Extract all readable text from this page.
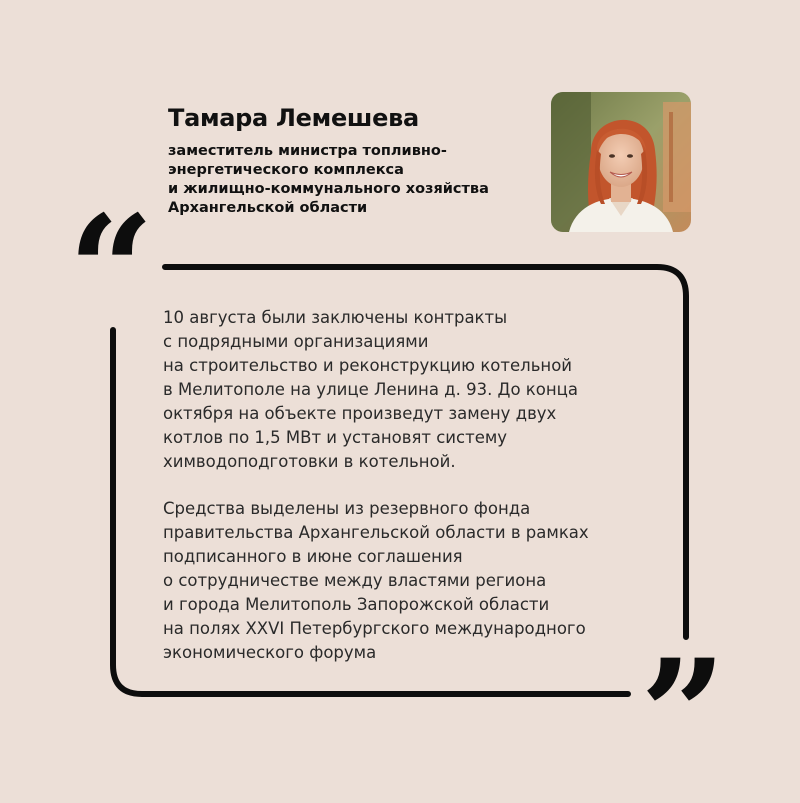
Тамара Лемешева
заместитель министра топливно-
энергетического комплекса
и жилищно-коммунального хозяйства
Архангельской области
“
”

10 августа были заключены контракты
с подрядными организациями
на строительство и реконструкцию котельной
в Мелитополе на улице Ленина д. 93. До конца
октября на объекте произведут замену двух
котлов по 1,5 МВт и установят систему
химводоподготовки в котельной.

Средства выделены из резервного фонда
правительства Архангельской области в рамках
подписанного в июне соглашения
о сотрудничестве между властями региона
и города Мелитополь Запорожской области
на полях XXVI Петербургского международного
экономического форума
